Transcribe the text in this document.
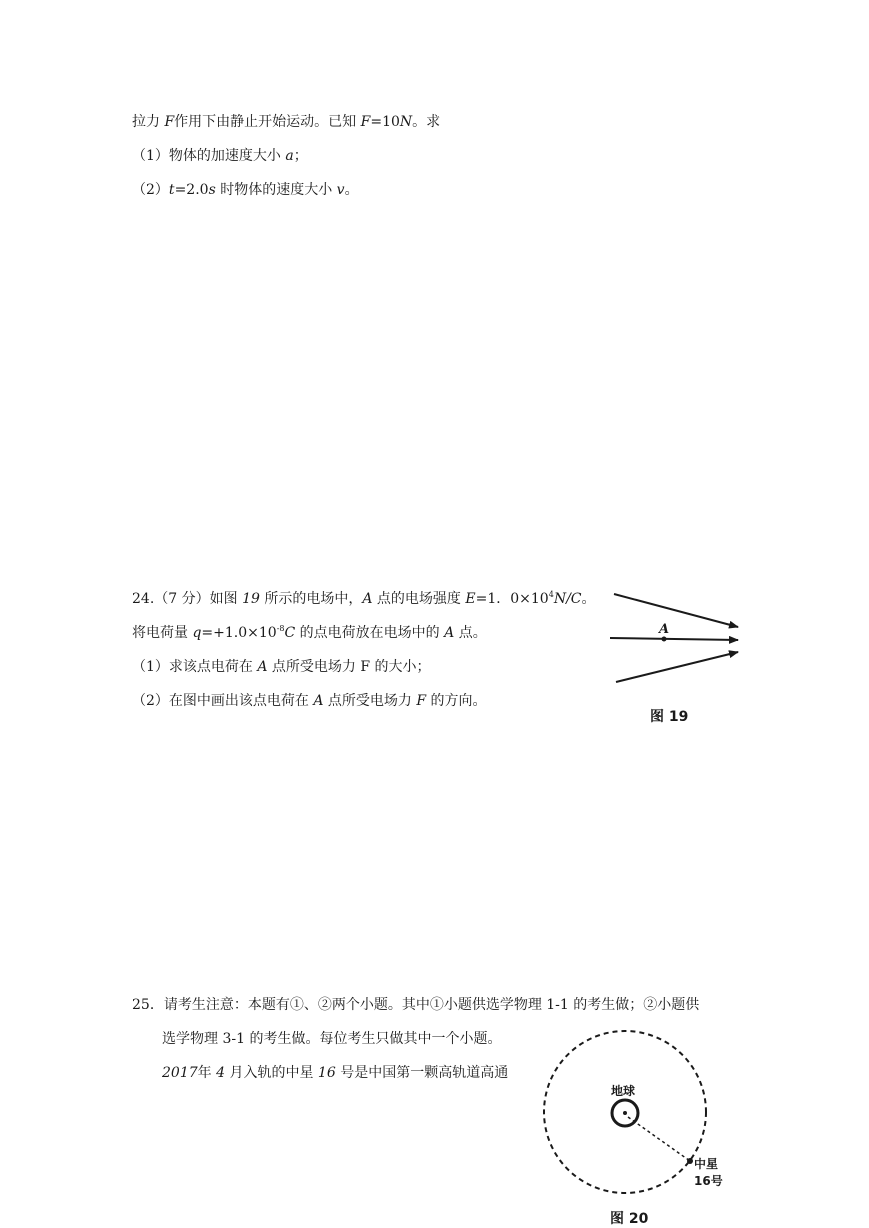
拉力 F作用下由静止开始运动。已知 F=10N。求
（1）物体的加速度大小 a；
（2）t=2.0s 时物体的速度大小 v。
24.（7 分）如图 19 所示的电场中，A 点的电场强度 E=1．$0\times 10^4N/C$。
将电荷量 $q=+1.0\times 10^{-8}C$ 的点电荷放在电场中的 A 点。
（1）求该点电荷在 A 点所受电场力 F 的大小；
（2）在图中画出该点电荷在 A 点所受电场力 F 的方向。
A
图 19
25．请考生注意：本题有①、②两个小题。其中①小题供选学物理 1-1 的考生做；②小题供
选学物理 3-1 的考生做。每位考生只做其中一个小题。
2017年 4 月入轨的中星 16 号是中国第一颗高轨道高通
地球
中星
16号
图 20
